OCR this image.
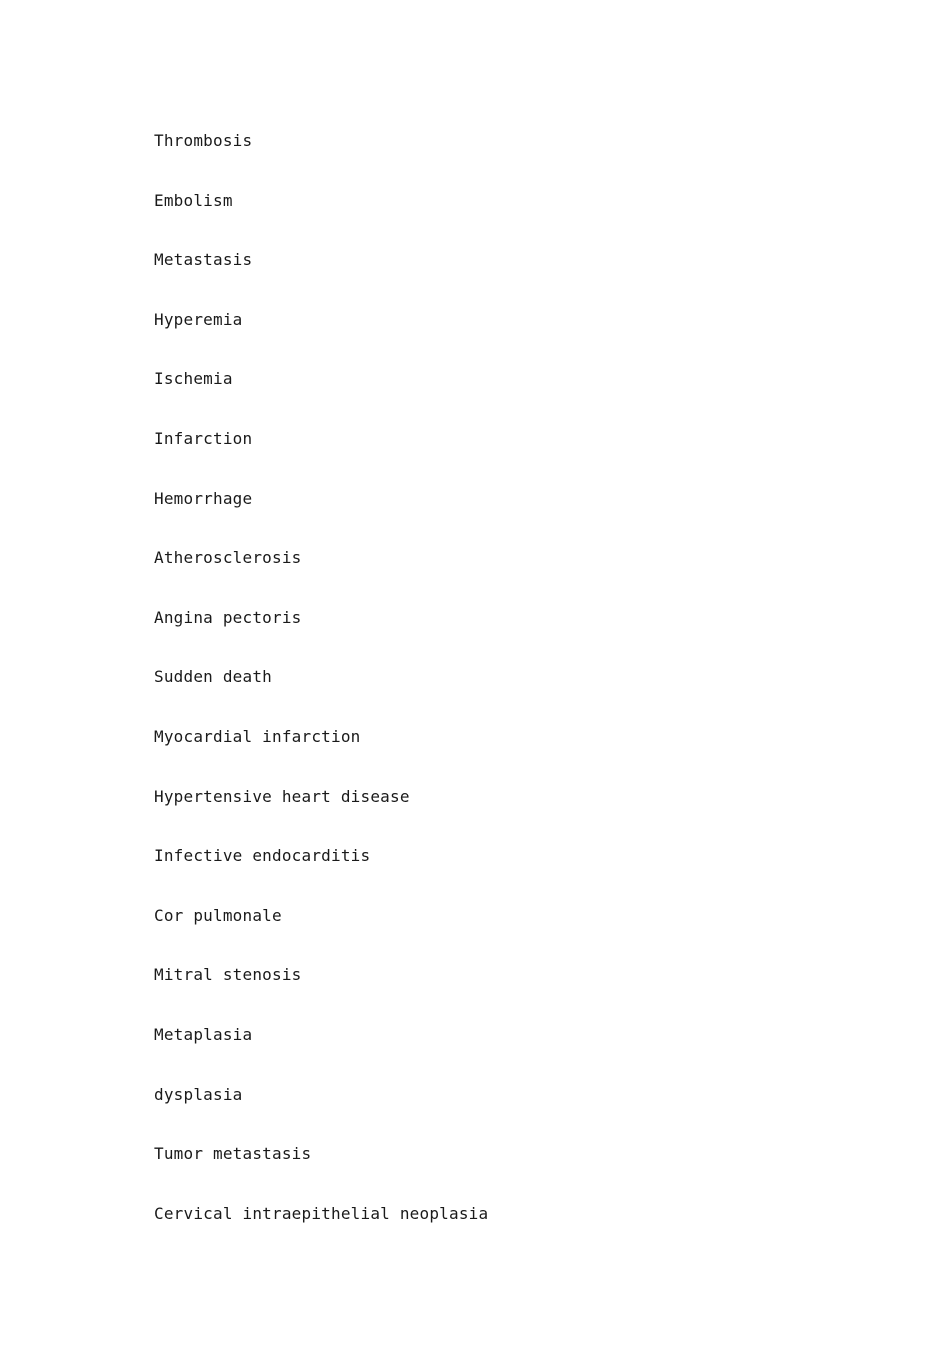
Thrombosis
Embolism
Metastasis
Hyperemia
Ischemia
Infarction
Hemorrhage
Atherosclerosis
Angina pectoris
Sudden death
Myocardial infarction
Hypertensive heart disease
Infective endocarditis
Cor pulmonale
Mitral stenosis
Metaplasia
dysplasia
Tumor metastasis
Cervical intraepithelial neoplasia
